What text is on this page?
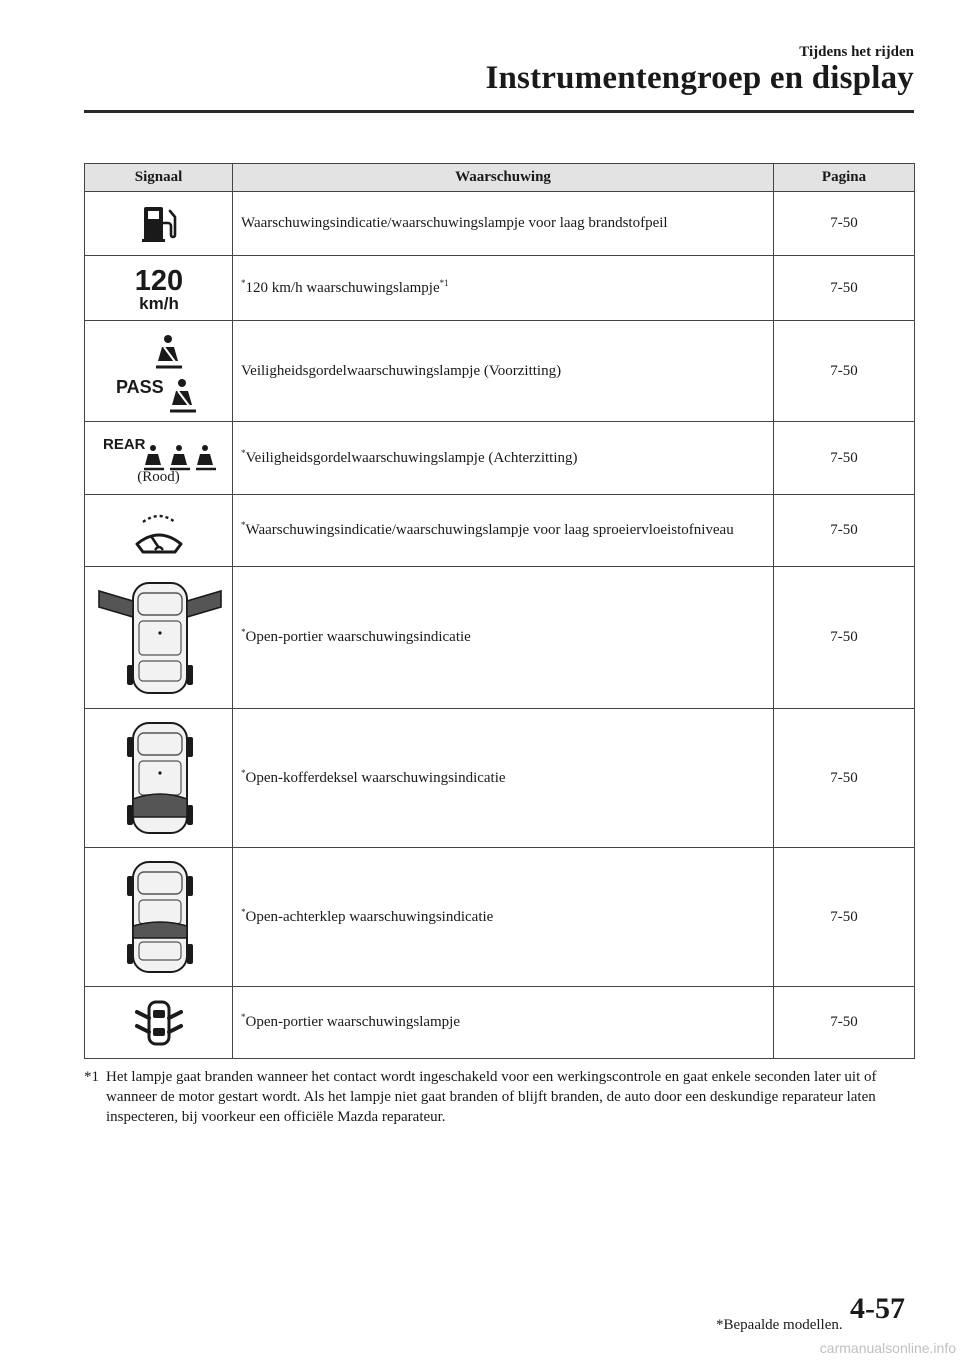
Tijdens het rijden
Instrumentengroep en display
Signaal	Waarschuwing	Pagina
	Waarschuwingsindicatie/waarschuwingslampje voor laag brandstofpeil	7-50

120
km/h	*120 km/h waarschuwingslampje$^{*1}$	7-50

PASS	Veiligheidsgordelwaarschuwingslampje (Voorzitting)	7-50

REAR
(Rood)	*Veiligheidsgordelwaarschuwingslampje (Achterzitting)	7-50
	*Waarschuwingsindicatie/waarschuwingslampje voor laag sproeiervloeistofniveau	7-50
	*Open-portier waarschuwingsindicatie	7-50
	*Open-kofferdeksel waarschuwingsindicatie	7-50
	*Open-achterklep waarschuwingsindicatie	7-50
	*Open-portier waarschuwingslampje	7-50
*1 Het lampje gaat branden wanneer het contact wordt ingeschakeld voor een werkingscontrole en gaat enkele seconden later uit of wanneer de motor gestart wordt. Als het lampje niet gaat branden of blijft branden, de auto door een deskundige reparateur laten inspecteren, bij voorkeur een officiële Mazda reparateur.
*Bepaalde modellen. 4-57
carmanualsonline.info
